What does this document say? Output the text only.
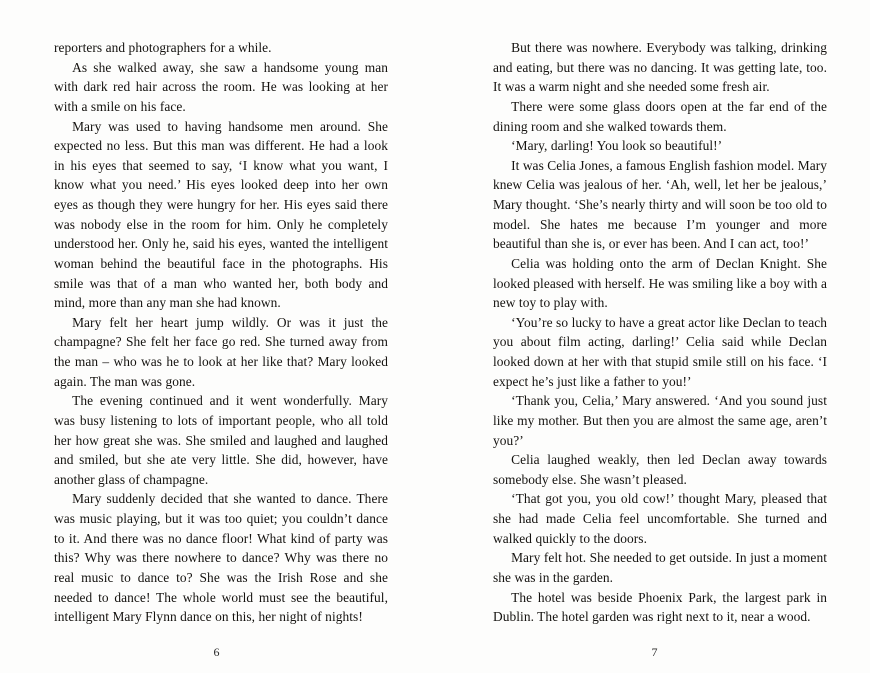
reporters and photographers for a while.

As she walked away, she saw a handsome young man with dark red hair across the room. He was looking at her with a smile on his face.

Mary was used to having handsome men around. She expected no less. But this man was different. He had a look in his eyes that seemed to say, ‘I know what you want, I know what you need.’ His eyes looked deep into her own eyes as though they were hungry for her. His eyes said there was nobody else in the room for him. Only he completely understood her. Only he, said his eyes, wanted the intelligent woman behind the beautiful face in the photographs. His smile was that of a man who wanted her, both body and mind, more than any man she had known.

Mary felt her heart jump wildly. Or was it just the champagne? She felt her face go red. She turned away from the man – who was he to look at her like that? Mary looked again. The man was gone.

The evening continued and it went wonderfully. Mary was busy listening to lots of important people, who all told her how great she was. She smiled and laughed and laughed and smiled, but she ate very little. She did, however, have another glass of champagne.

Mary suddenly decided that she wanted to dance. There was music playing, but it was too quiet; you couldn’t dance to it. And there was no dance floor! What kind of party was this? Why was there nowhere to dance? Why was there no real music to dance to? She was the Irish Rose and she needed to dance! The whole world must see the beautiful, intelligent Mary Flynn dance on this, her night of nights!

6

But there was nowhere. Everybody was talking, drinking and eating, but there was no dancing. It was getting late, too. It was a warm night and she needed some fresh air.

There were some glass doors open at the far end of the dining room and she walked towards them.

‘Mary, darling! You look so beautiful!’

It was Celia Jones, a famous English fashion model. Mary knew Celia was jealous of her. ‘Ah, well, let her be jealous,’ Mary thought. ‘She’s nearly thirty and will soon be too old to model. She hates me because I’m younger and more beautiful than she is, or ever has been. And I can act, too!’

Celia was holding onto the arm of Declan Knight. She looked pleased with herself. He was smiling like a boy with a new toy to play with.

‘You’re so lucky to have a great actor like Declan to teach you about film acting, darling!’ Celia said while Declan looked down at her with that stupid smile still on his face. ‘I expect he’s just like a father to you!’

‘Thank you, Celia,’ Mary answered. ‘And you sound just like my mother. But then you are almost the same age, aren’t you?’

Celia laughed weakly, then led Declan away towards somebody else. She wasn’t pleased.

‘That got you, you old cow!’ thought Mary, pleased that she had made Celia feel uncomfortable. She turned and walked quickly to the doors.

Mary felt hot. She needed to get outside. In just a moment she was in the garden.

The hotel was beside Phoenix Park, the largest park in Dublin. The hotel garden was right next to it, near a wood.

7
